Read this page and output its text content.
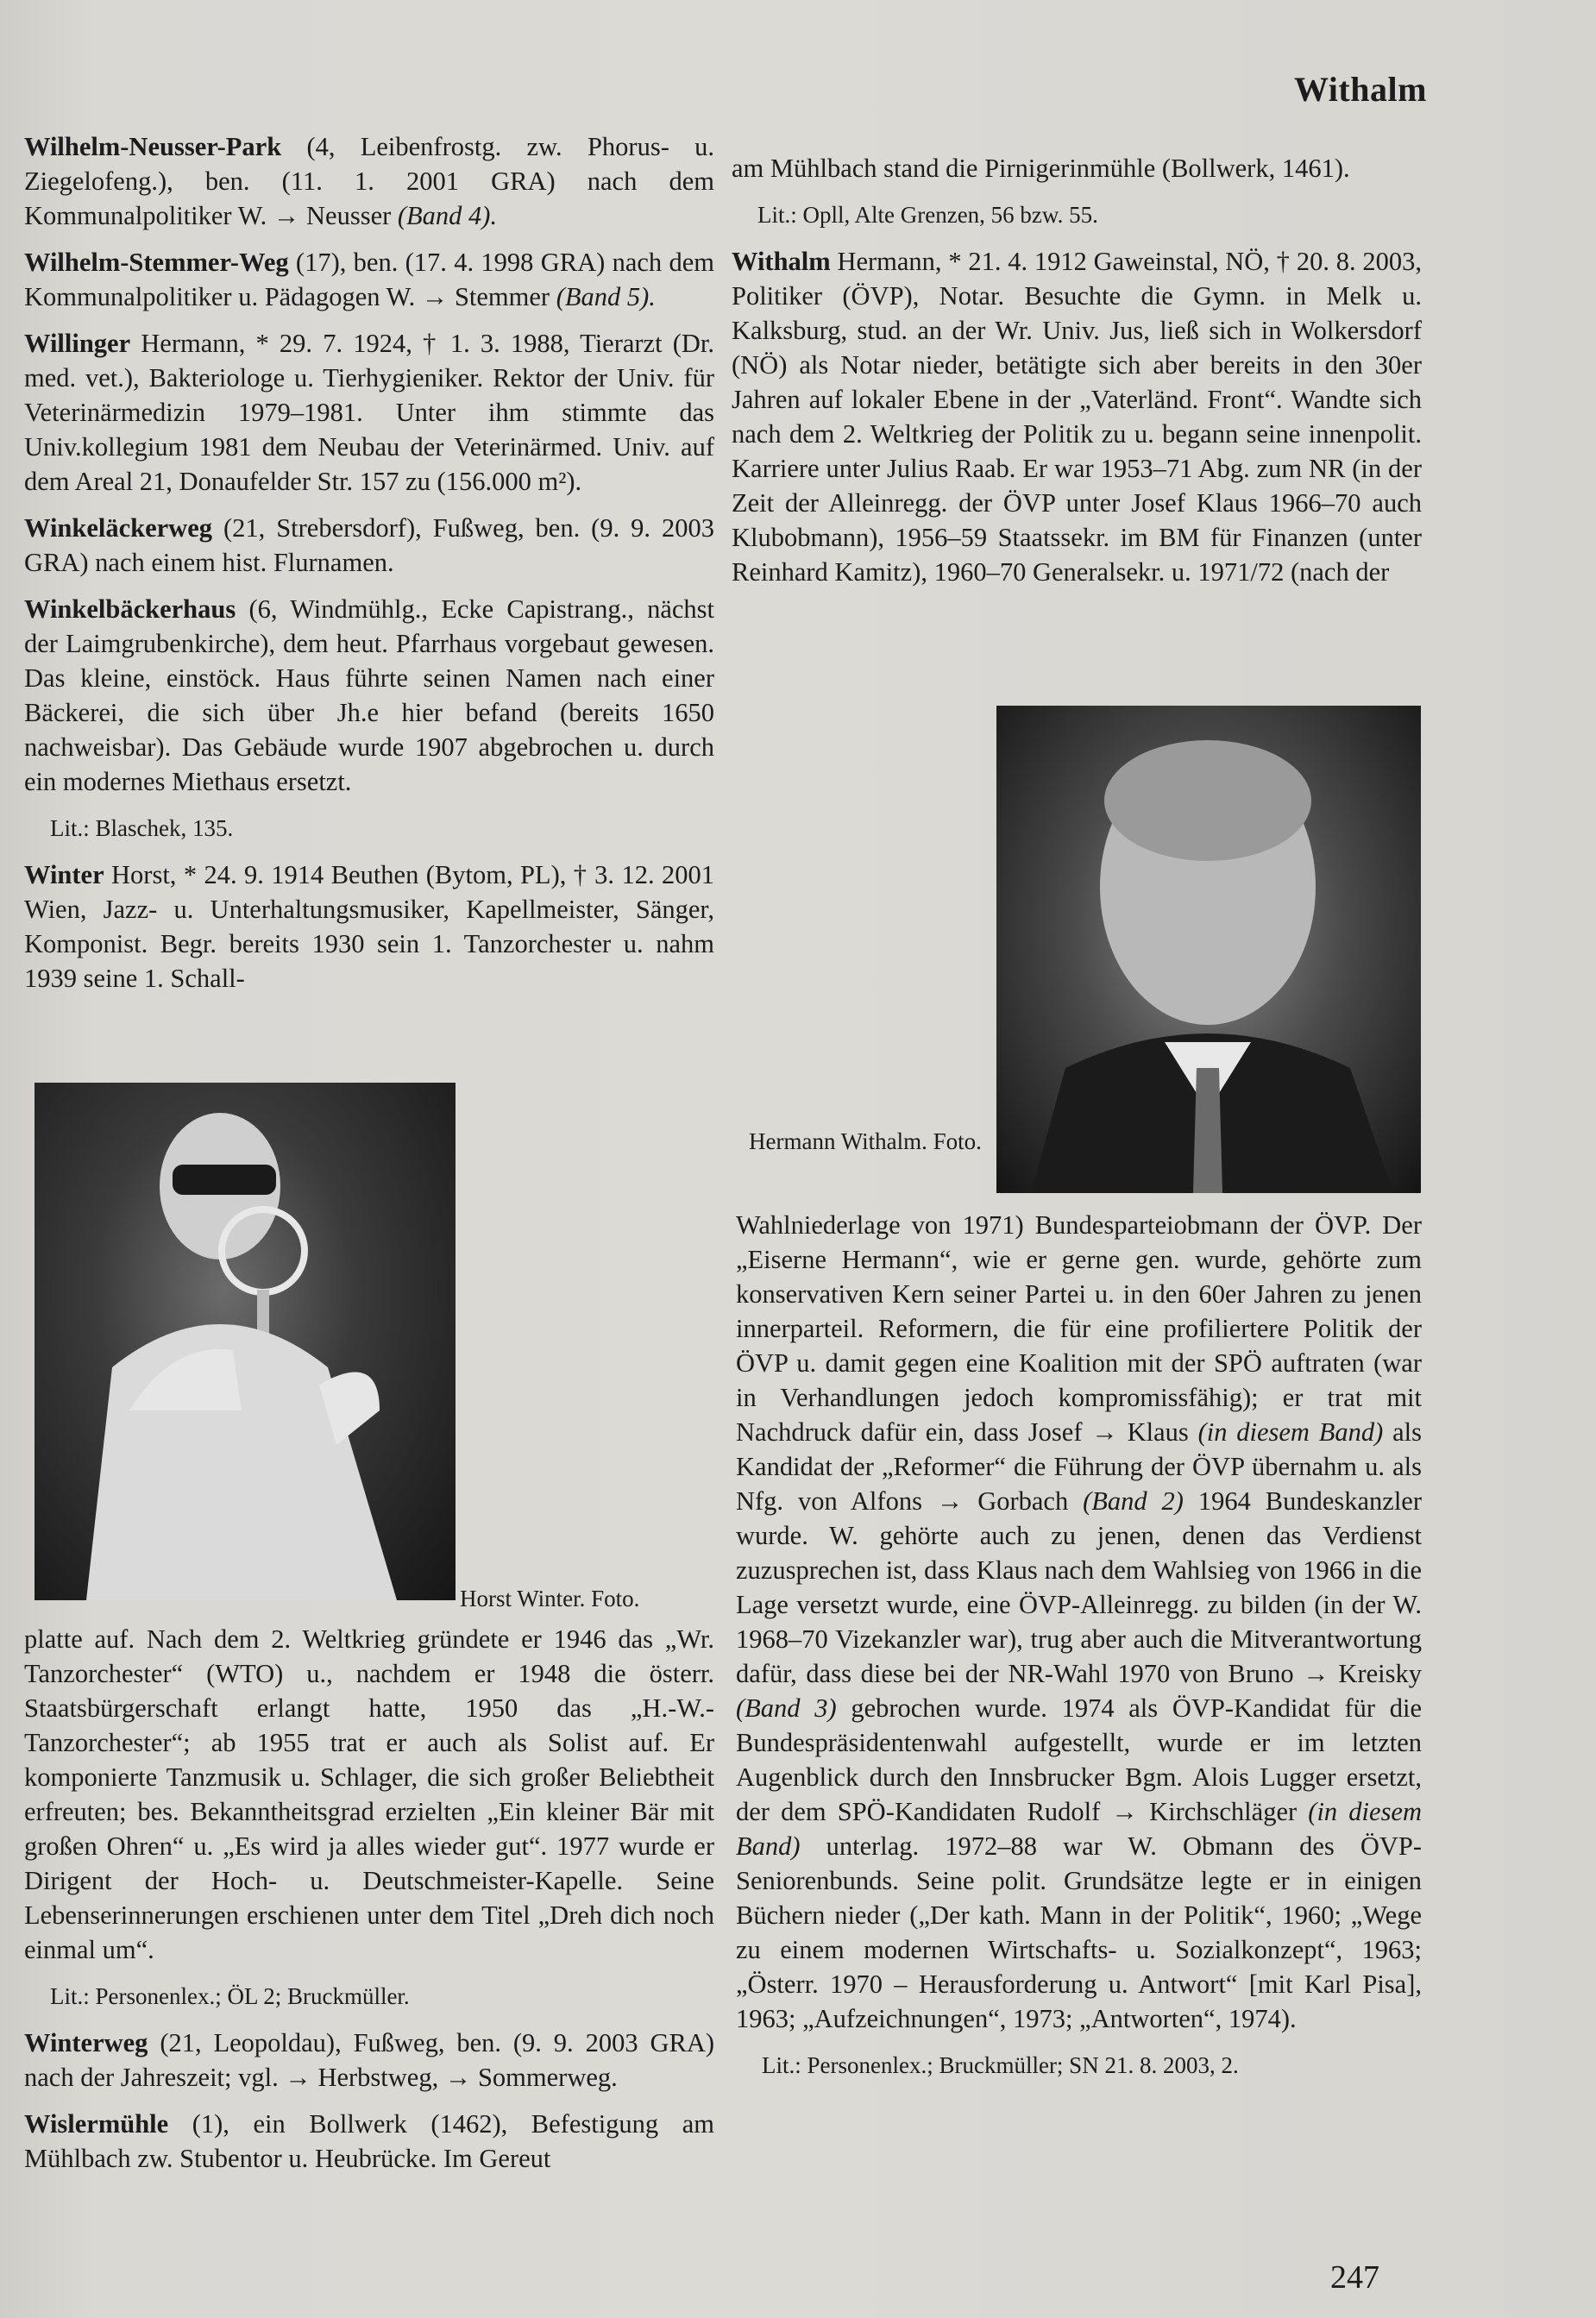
Withalm

Wilhelm-Neusser-Park (4, Leibenfrostg. zw. Phorus- u. Ziegelofeng.), ben. (11. 1. 2001 GRA) nach dem Kommunalpolitiker W. → Neusser (Band 4).

Wilhelm-Stemmer-Weg (17), ben. (17. 4. 1998 GRA) nach dem Kommunalpolitiker u. Pädagogen W. → Stemmer (Band 5).

Willinger Hermann, * 29. 7. 1924, † 1. 3. 1988, Tierarzt (Dr. med. vet.), Bakteriologe u. Tierhygieniker. Rektor der Univ. für Veterinärmedizin 1979–1981. Unter ihm stimmte das Univ.kollegium 1981 dem Neubau der Veterinärmed. Univ. auf dem Areal 21, Donaufelder Str. 157 zu (156.000 m²).

Winkeläckerweg (21, Strebersdorf), Fußweg, ben. (9. 9. 2003 GRA) nach einem hist. Flurnamen.

Winkelbäckerhaus (6, Windmühlg., Ecke Capistrang., nächst der Laimgrubenkirche), dem heut. Pfarrhaus vorgebaut gewesen. Das kleine, einstöck. Haus führte seinen Namen nach einer Bäckerei, die sich über Jh.e hier befand (bereits 1650 nachweisbar). Das Gebäude wurde 1907 abgebrochen u. durch ein modernes Miethaus ersetzt.

Lit.: Blaschek, 135.

Winter Horst, * 24. 9. 1914 Beuthen (Bytom, PL), † 3. 12. 2001 Wien, Jazz- u. Unterhaltungsmusiker, Kapellmeister, Sänger, Komponist. Begr. bereits 1930 sein 1. Tanzorchester u. nahm 1939 seine 1. Schall-

Horst Winter. Foto.

platte auf. Nach dem 2. Weltkrieg gründete er 1946 das „Wr. Tanzorchester“ (WTO) u., nachdem er 1948 die österr. Staatsbürgerschaft erlangt hatte, 1950 das „H.-W.-Tanzorchester“; ab 1955 trat er auch als Solist auf. Er komponierte Tanzmusik u. Schlager, die sich großer Beliebtheit erfreuten; bes. Bekanntheitsgrad erzielten „Ein kleiner Bär mit großen Ohren“ u. „Es wird ja alles wieder gut“. 1977 wurde er Dirigent der Hoch- u. Deutschmeister-Kapelle. Seine Lebenserinnerungen erschienen unter dem Titel „Dreh dich noch einmal um“.

Lit.: Personenlex.; ÖL 2; Bruckmüller.

Winterweg (21, Leopoldau), Fußweg, ben. (9. 9. 2003 GRA) nach der Jahreszeit; vgl. → Herbstweg, → Sommerweg.

Wislermühle (1), ein Bollwerk (1462), Befestigung am Mühlbach zw. Stubentor u. Heubrücke. Im Gereut

am Mühlbach stand die Pirnigerinmühle (Bollwerk, 1461).

Lit.: Opll, Alte Grenzen, 56 bzw. 55.

Withalm Hermann, * 21. 4. 1912 Gaweinstal, NÖ, † 20. 8. 2003, Politiker (ÖVP), Notar. Besuchte die Gymn. in Melk u. Kalksburg, stud. an der Wr. Univ. Jus, ließ sich in Wolkersdorf (NÖ) als Notar nieder, betätigte sich aber bereits in den 30er Jahren auf lokaler Ebene in der „Vaterländ. Front“. Wandte sich nach dem 2. Weltkrieg der Politik zu u. begann seine innenpolit. Karriere unter Julius Raab. Er war 1953–71 Abg. zum NR (in der Zeit der Alleinregg. der ÖVP unter Josef Klaus 1966–70 auch Klubobmann), 1956–59 Staatssekr. im BM für Finanzen (unter Reinhard Kamitz), 1960–70 Generalsekr. u. 1971/72 (nach der

Hermann Withalm. Foto.

Wahlniederlage von 1971) Bundesparteiobmann der ÖVP. Der „Eiserne Hermann“, wie er gerne gen. wurde, gehörte zum konservativen Kern seiner Partei u. in den 60er Jahren zu jenen innerparteil. Reformern, die für eine profiliertere Politik der ÖVP u. damit gegen eine Koalition mit der SPÖ auftraten (war in Verhandlungen jedoch kompromissfähig); er trat mit Nachdruck dafür ein, dass Josef → Klaus (in diesem Band) als Kandidat der „Reformer“ die Führung der ÖVP übernahm u. als Nfg. von Alfons → Gorbach (Band 2) 1964 Bundeskanzler wurde. W. gehörte auch zu jenen, denen das Verdienst zuzusprechen ist, dass Klaus nach dem Wahlsieg von 1966 in die Lage versetzt wurde, eine ÖVP-Alleinregg. zu bilden (in der W. 1968–70 Vizekanzler war), trug aber auch die Mitverantwortung dafür, dass diese bei der NR-Wahl 1970 von Bruno → Kreisky (Band 3) gebrochen wurde. 1974 als ÖVP-Kandidat für die Bundespräsidentenwahl aufgestellt, wurde er im letzten Augenblick durch den Innsbrucker Bgm. Alois Lugger ersetzt, der dem SPÖ-Kandidaten Rudolf → Kirchschläger (in diesem Band) unterlag. 1972–88 war W. Obmann des ÖVP-Seniorenbunds. Seine polit. Grundsätze legte er in einigen Büchern nieder („Der kath. Mann in der Politik“, 1960; „Wege zu einem modernen Wirtschafts- u. Sozialkonzept“, 1963; „Österr. 1970 – Herausforderung u. Antwort“ [mit Karl Pisa], 1963; „Aufzeichnungen“, 1973; „Antworten“, 1974).

Lit.: Personenlex.; Bruckmüller; SN 21. 8. 2003, 2.

247
